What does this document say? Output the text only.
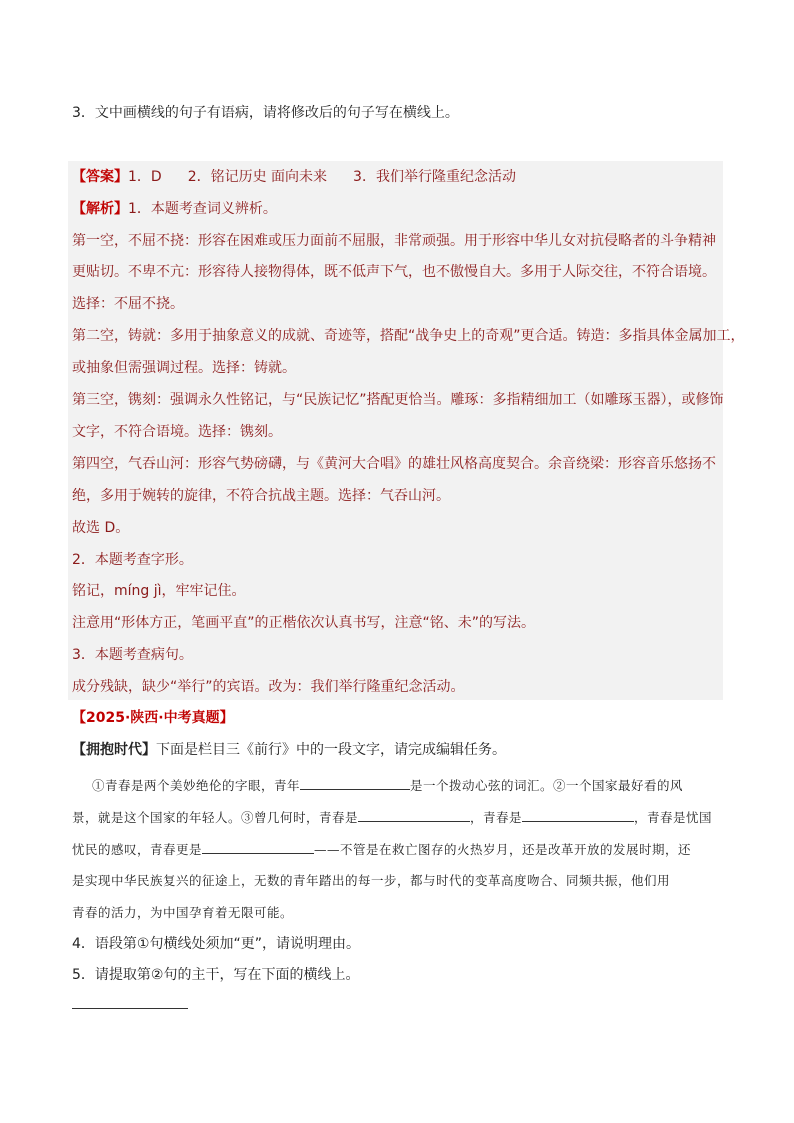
3．文中画横线的句子有语病，请将修改后的句子写在横线上。
【答案】1．D 2．铭记历史 面向未来 3．我们举行隆重纪念活动
【解析】1．本题考查词义辨析。
第一空，不屈不挠：形容在困难或压力面前不屈服，非常顽强。用于形容中华儿女对抗侵略者的斗争精神
更贴切。不卑不亢：形容待人接物得体，既不低声下气，也不傲慢自大。多用于人际交往，不符合语境。
选择：不屈不挠。
第二空，铸就：多用于抽象意义的成就、奇迹等，搭配“战争史上的奇观”更合适。铸造：多指具体金属加工，
或抽象但需强调过程。选择：铸就。
第三空，镌刻：强调永久性铭记，与“民族记忆”搭配更恰当。雕琢：多指精细加工（如雕琢玉器），或修饰
文字，不符合语境。选择：镌刻。
第四空，气吞山河：形容气势磅礴，与《黄河大合唱》的雄壮风格高度契合。余音绕梁：形容音乐悠扬不
绝，多用于婉转的旋律，不符合抗战主题。选择：气吞山河。
故选 D。
2．本题考查字形。
铭记，míng jì，牢牢记住。
注意用“形体方正，笔画平直”的正楷依次认真书写，注意“铭、未”的写法。
3．本题考查病句。
成分残缺，缺少“举行”的宾语。改为：我们举行隆重纪念活动。
【2025·陕西·中考真题】
【拥抱时代】下面是栏目三《前行》中的一段文字，请完成编辑任务。
①青春是两个美妙绝伦的字眼，青年	是一个拨动心弦的词汇。②一个国家最好看的风
景，就是这个国家的年轻人。③曾几何时，青春是	，青春是	，青春是忧国
忧民的感叹，青春更是	——不管是在救亡图存的火热岁月，还是改革开放的发展时期，还
是实现中华民族复兴的征途上，无数的青年踏出的每一步，都与时代的变革高度吻合、同频共振，他们用
青春的活力，为中国孕育着无限可能。
4．语段第①句横线处须加“更”，请说明理由。
5．请提取第②句的主干，写在下面的横线上。
